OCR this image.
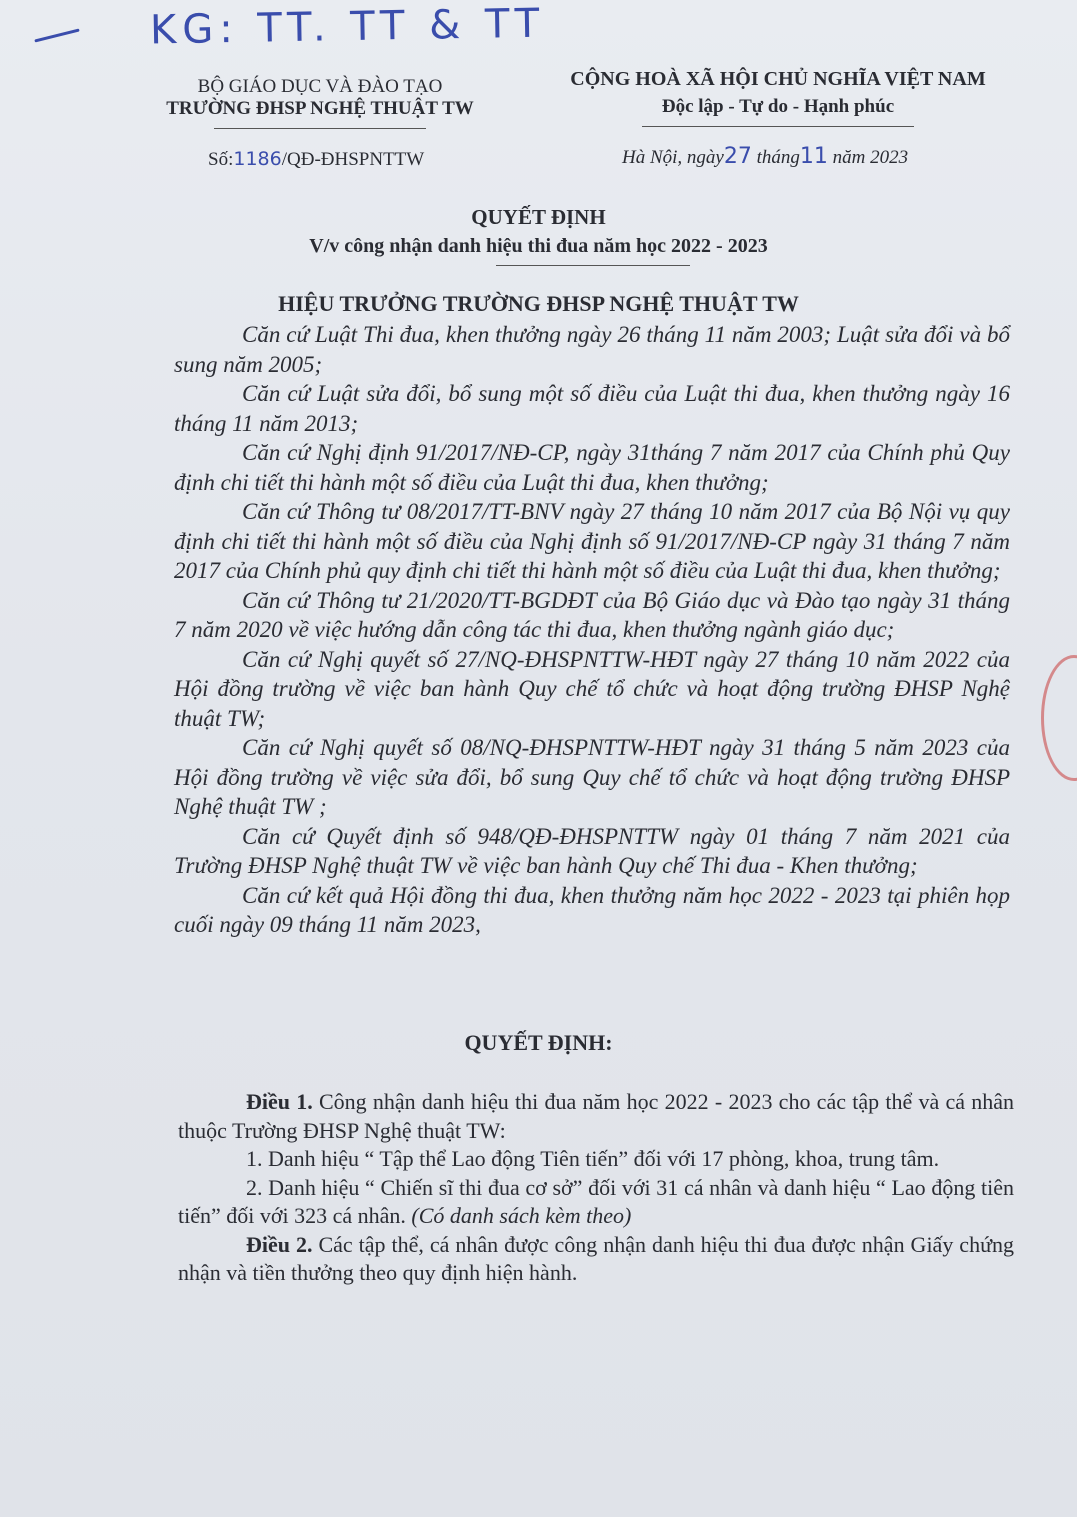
KG: TT. TT & TT
BỘ GIÁO DỤC VÀ ĐÀO TẠO
TRƯỜNG ĐHSP NGHỆ THUẬT TW
CỘNG HOÀ XÃ HỘI CHỦ NGHĨA VIỆT NAM
Độc lập - Tự do - Hạnh phúc
Số:1186/QĐ-ĐHSPNTTW	Hà Nội, ngày27 tháng11 năm 2023
QUYẾT ĐỊNH
V/v công nhận danh hiệu thi đua năm học 2022 - 2023
HIỆU TRƯỞNG TRƯỜNG ĐHSP NGHỆ THUẬT TW

Căn cứ Luật Thi đua, khen thưởng ngày 26 tháng 11 năm 2003; Luật sửa đổi và bổ sung năm 2005;

Căn cứ Luật sửa đổi, bổ sung một số điều của Luật thi đua, khen thưởng ngày 16 tháng 11 năm 2013;

Căn cứ Nghị định 91/2017/NĐ-CP, ngày 31tháng 7 năm 2017 của Chính phủ Quy định chi tiết thi hành một số điều của Luật thi đua, khen thưởng;

Căn cứ Thông tư 08/2017/TT-BNV ngày 27 tháng 10 năm 2017 của Bộ Nội vụ quy định chi tiết thi hành một số điều của Nghị định số 91/2017/NĐ-CP ngày 31 tháng 7 năm 2017 của Chính phủ quy định chi tiết thi hành một số điều của Luật thi đua, khen thưởng;

Căn cứ Thông tư 21/2020/TT-BGDĐT của Bộ Giáo dục và Đào tạo ngày 31 tháng 7 năm 2020 về việc hướng dẫn công tác thi đua, khen thưởng ngành giáo dục;

Căn cứ Nghị quyết số 27/NQ-ĐHSPNTTW-HĐT ngày 27 tháng 10 năm 2022 của Hội đồng trường về việc ban hành Quy chế tổ chức và hoạt động trường ĐHSP Nghệ thuật TW;

Căn cứ Nghị quyết số 08/NQ-ĐHSPNTTW-HĐT ngày 31 tháng 5 năm 2023 của Hội đồng trường về việc sửa đổi, bổ sung Quy chế tổ chức và hoạt động trường ĐHSP Nghệ thuật TW ;

Căn cứ Quyết định số 948/QĐ-ĐHSPNTTW ngày 01 tháng 7 năm 2021 của Trường ĐHSP Nghệ thuật TW về việc ban hành Quy chế Thi đua - Khen thưởng;

Căn cứ kết quả Hội đồng thi đua, khen thưởng năm học 2022 - 2023 tại phiên họp cuối ngày 09 tháng 11 năm 2023,

QUYẾT ĐỊNH:

Điều 1. Công nhận danh hiệu thi đua năm học 2022 - 2023 cho các tập thể và cá nhân thuộc Trường ĐHSP Nghệ thuật TW:

1. Danh hiệu “ Tập thể Lao động Tiên tiến” đối với 17 phòng, khoa, trung tâm.

2. Danh hiệu “ Chiến sĩ thi đua cơ sở” đối với 31 cá nhân và danh hiệu “ Lao động tiên tiến” đối với 323 cá nhân. (Có danh sách kèm theo)

Điều 2. Các tập thể, cá nhân được công nhận danh hiệu thi đua được nhận Giấy chứng nhận và tiền thưởng theo quy định hiện hành.
